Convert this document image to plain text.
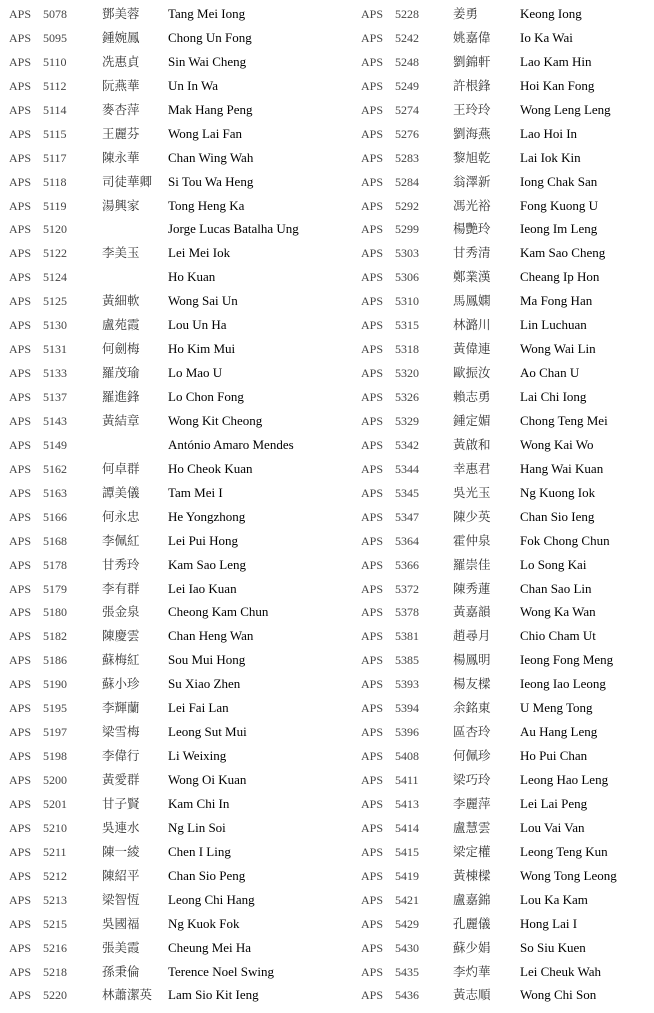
APS 5078	鄧美蓉 Tang Mei Iong
APS 5095	鍾婉鳳 Chong Un Fong
APS 5110	冼惠貞 Sin Wai Cheng
APS 5112	阮燕華 Un In Wa
APS 5114	麥杏萍 Mak Hang Peng
APS 5115	王麗芬 Wong Lai Fan
APS 5117	陳永華 Chan Wing Wah
APS 5118	司徒華卿 Si Tou Wa Heng
APS 5119	湯興家 Tong Heng Ka
APS 5120	Jorge Lucas Batalha Ung
APS 5122	李美玉 Lei Mei Iok
APS 5124	Ho Kuan
APS 5125	黃細軟 Wong Sai Un
APS 5130	盧苑霞 Lou Un Ha
APS 5131	何劍梅 Ho Kim Mui
APS 5133	羅茂瑜 Lo Mao U
APS 5137	羅進鋒 Lo Chon Fong
APS 5143	黃結章 Wong Kit Cheong
APS 5149	António Amaro Mendes
APS 5162	何卓群 Ho Cheok Kuan
APS 5163	譚美儀 Tam Mei I
APS 5166	何永忠 He Yongzhong
APS 5168	李佩紅 Lei Pui Hong
APS 5178	甘秀玲 Kam Sao Leng
APS 5179	李有群 Lei Iao Kuan
APS 5180	張金泉 Cheong Kam Chun
APS 5182	陳慶雲 Chan Heng Wan
APS 5186	蘇梅紅 Sou Mui Hong
APS 5190	蘇小珍 Su Xiao Zhen
APS 5195	李輝蘭 Lei Fai Lan
APS 5197	梁雪梅 Leong Sut Mui
APS 5198	李偉行 Li Weixing
APS 5200	黃愛群 Wong Oi Kuan
APS 5201	甘子賢 Kam Chi In
APS 5210	吳連水 Ng Lin Soi
APS 5211	陳一綾 Chen I Ling
APS 5212	陳紹平 Chan Sio Peng
APS 5213	梁智恆 Leong Chi Hang
APS 5215	吳國福 Ng Kuok Fok
APS 5216	張美霞 Cheung Mei Ha
APS 5218	孫秉倫 Terence Noel Swing
APS 5220	林蕭潔英 Lam Sio Kit Ieng
APS 5228	姜勇	Keong Iong
APS 5242	姚嘉偉 Io Ka Wai
APS 5248	劉錦軒 Lao Kam Hin
APS 5249	許根鋒 Hoi Kan Fong
APS 5274	王玲玲 Wong Leng Leng
APS 5276	劉海燕 Lao Hoi In
APS 5283	黎旭乾 Lai Iok Kin
APS 5284	翁澤新 Iong Chak San
APS 5292	馮光裕 Fong Kuong U
APS 5299	楊艷玲 Ieong Im Leng
APS 5303	甘秀清 Kam Sao Cheng
APS 5306	鄭業漢 Cheang Ip Hon
APS 5310	馬鳳嫻 Ma Fong Han
APS 5315	林潞川 Lin Luchuan
APS 5318	黃偉連 Wong Wai Lin
APS 5320	歐振汝 Ao Chan U
APS 5326	賴志勇 Lai Chi Iong
APS 5329	鍾定媚 Chong Teng Mei
APS 5342	黃啟和 Wong Kai Wo
APS 5344	幸惠君 Hang Wai Kuan
APS 5345	吳光玉 Ng Kuong Iok
APS 5347	陳少英 Chan Sio Ieng
APS 5364	霍仲泉 Fok Chong Chun
APS 5366	羅崇佳 Lo Song Kai
APS 5372	陳秀蓮 Chan Sao Lin
APS 5378	黃嘉韻 Wong Ka Wan
APS 5381	趙尋月 Chio Cham Ut
APS 5385	楊鳳明 Ieong Fong Meng
APS 5393	楊友樑 Ieong Iao Leong
APS 5394	余銘東 U Meng Tong
APS 5396	區杏玲 Au Hang Leng
APS 5408	何佩珍 Ho Pui Chan
APS 5411	梁巧玲 Leong Hao Leng
APS 5413	李麗萍 Lei Lai Peng
APS 5414	盧慧雲 Lou Vai Van
APS 5415	梁定權 Leong Teng Kun
APS 5419	黃棟樑 Wong Tong Leong
APS 5421	盧嘉錦 Lou Ka Kam
APS 5429	孔麗儀 Hong Lai I
APS 5430	蘇少娟 So Siu Kuen
APS 5435	李灼華 Lei Cheuk Wah
APS 5436	黃志順 Wong Chi Son
